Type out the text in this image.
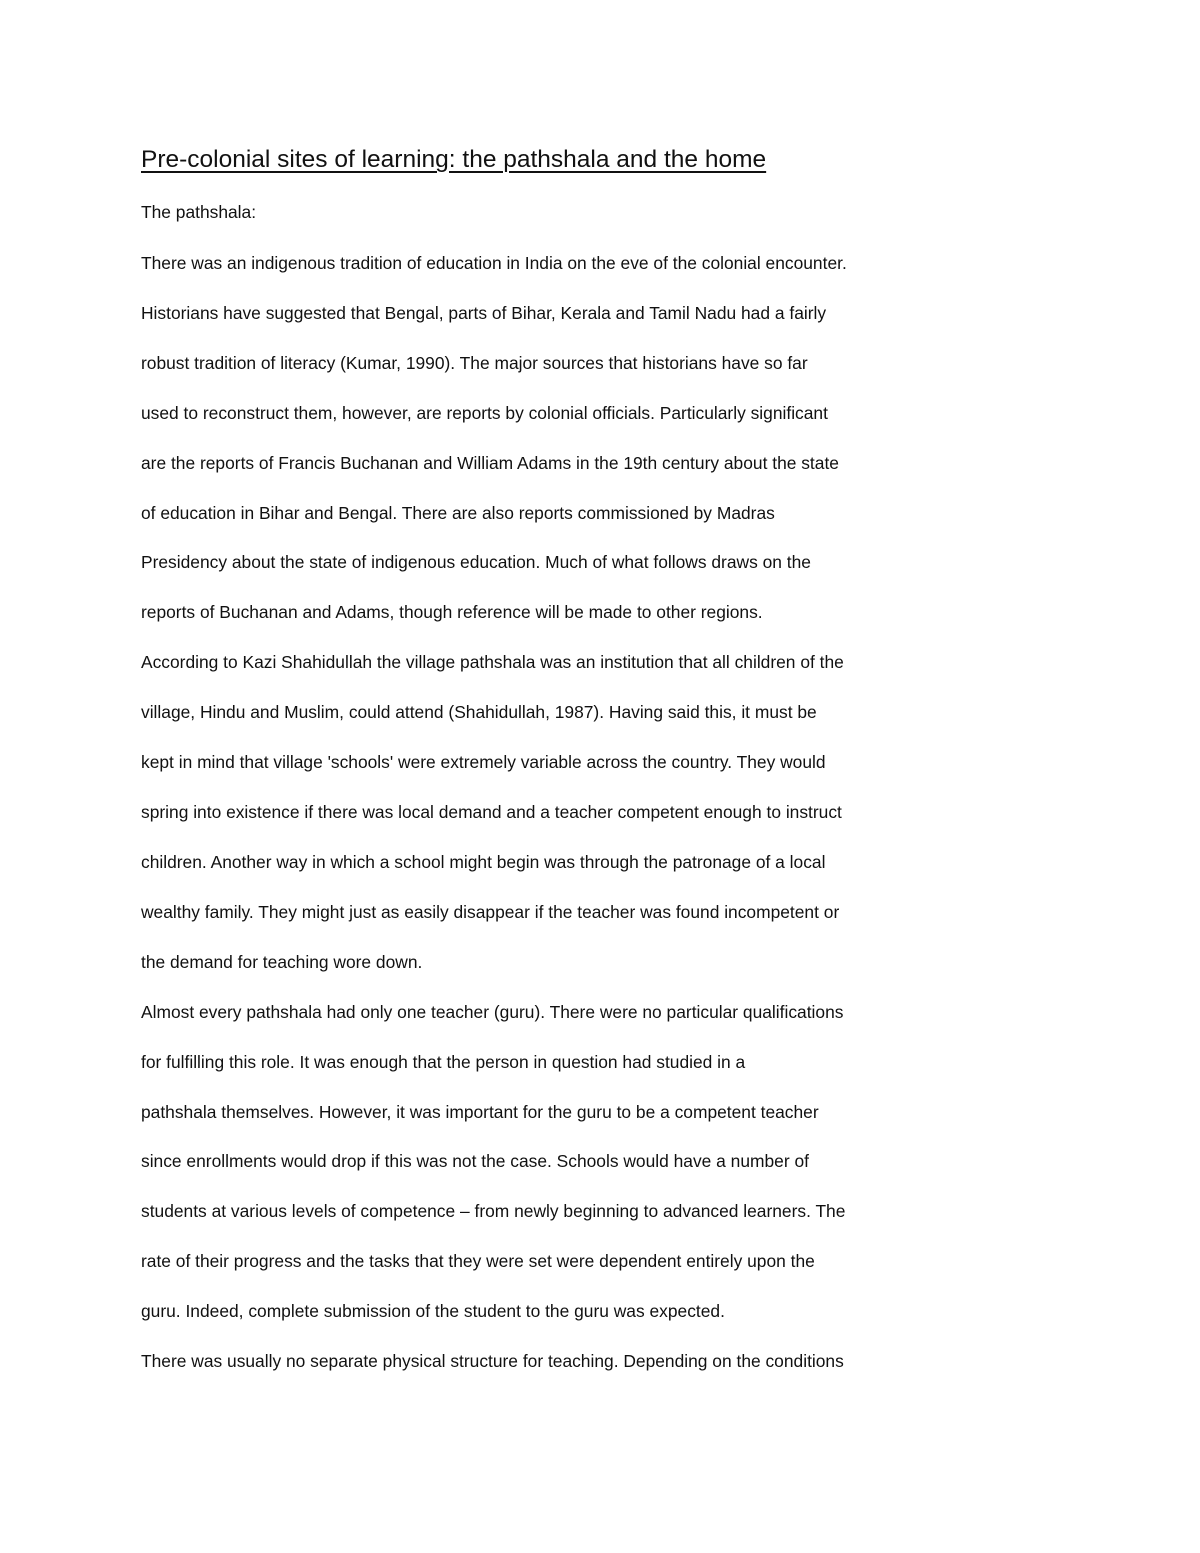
Pre-colonial sites of learning: the pathshala and the home
The pathshala:
There was an indigenous tradition of education in India on the eve of the colonial encounter.
Historians have suggested that Bengal, parts of Bihar, Kerala and Tamil Nadu had a fairly
robust tradition of literacy (Kumar, 1990). The major sources that historians have so far
used to reconstruct them, however, are reports by colonial officials. Particularly significant
are the reports of Francis Buchanan and William Adams in the 19th century about the state
of education in Bihar and Bengal. There are also reports commissioned by Madras
Presidency about the state of indigenous education. Much of what follows draws on the
reports of Buchanan and Adams, though reference will be made to other regions.
According to Kazi Shahidullah the village pathshala was an institution that all children of the
village, Hindu and Muslim, could attend (Shahidullah, 1987). Having said this, it must be
kept in mind that village 'schools' were extremely variable across the country. They would
spring into existence if there was local demand and a teacher competent enough to instruct
children. Another way in which a school might begin was through the patronage of a local
wealthy family. They might just as easily disappear if the teacher was found incompetent or
the demand for teaching wore down.
Almost every pathshala had only one teacher (guru). There were no particular qualifications
for fulfilling this role. It was enough that the person in question had studied in a
pathshala themselves. However, it was important for the guru to be a competent teacher
since enrollments would drop if this was not the case. Schools would have a number of
students at various levels of competence – from newly beginning to advanced learners. The
rate of their progress and the tasks that they were set were dependent entirely upon the
guru. Indeed, complete submission of the student to the guru was expected.
There was usually no separate physical structure for teaching. Depending on the conditions
